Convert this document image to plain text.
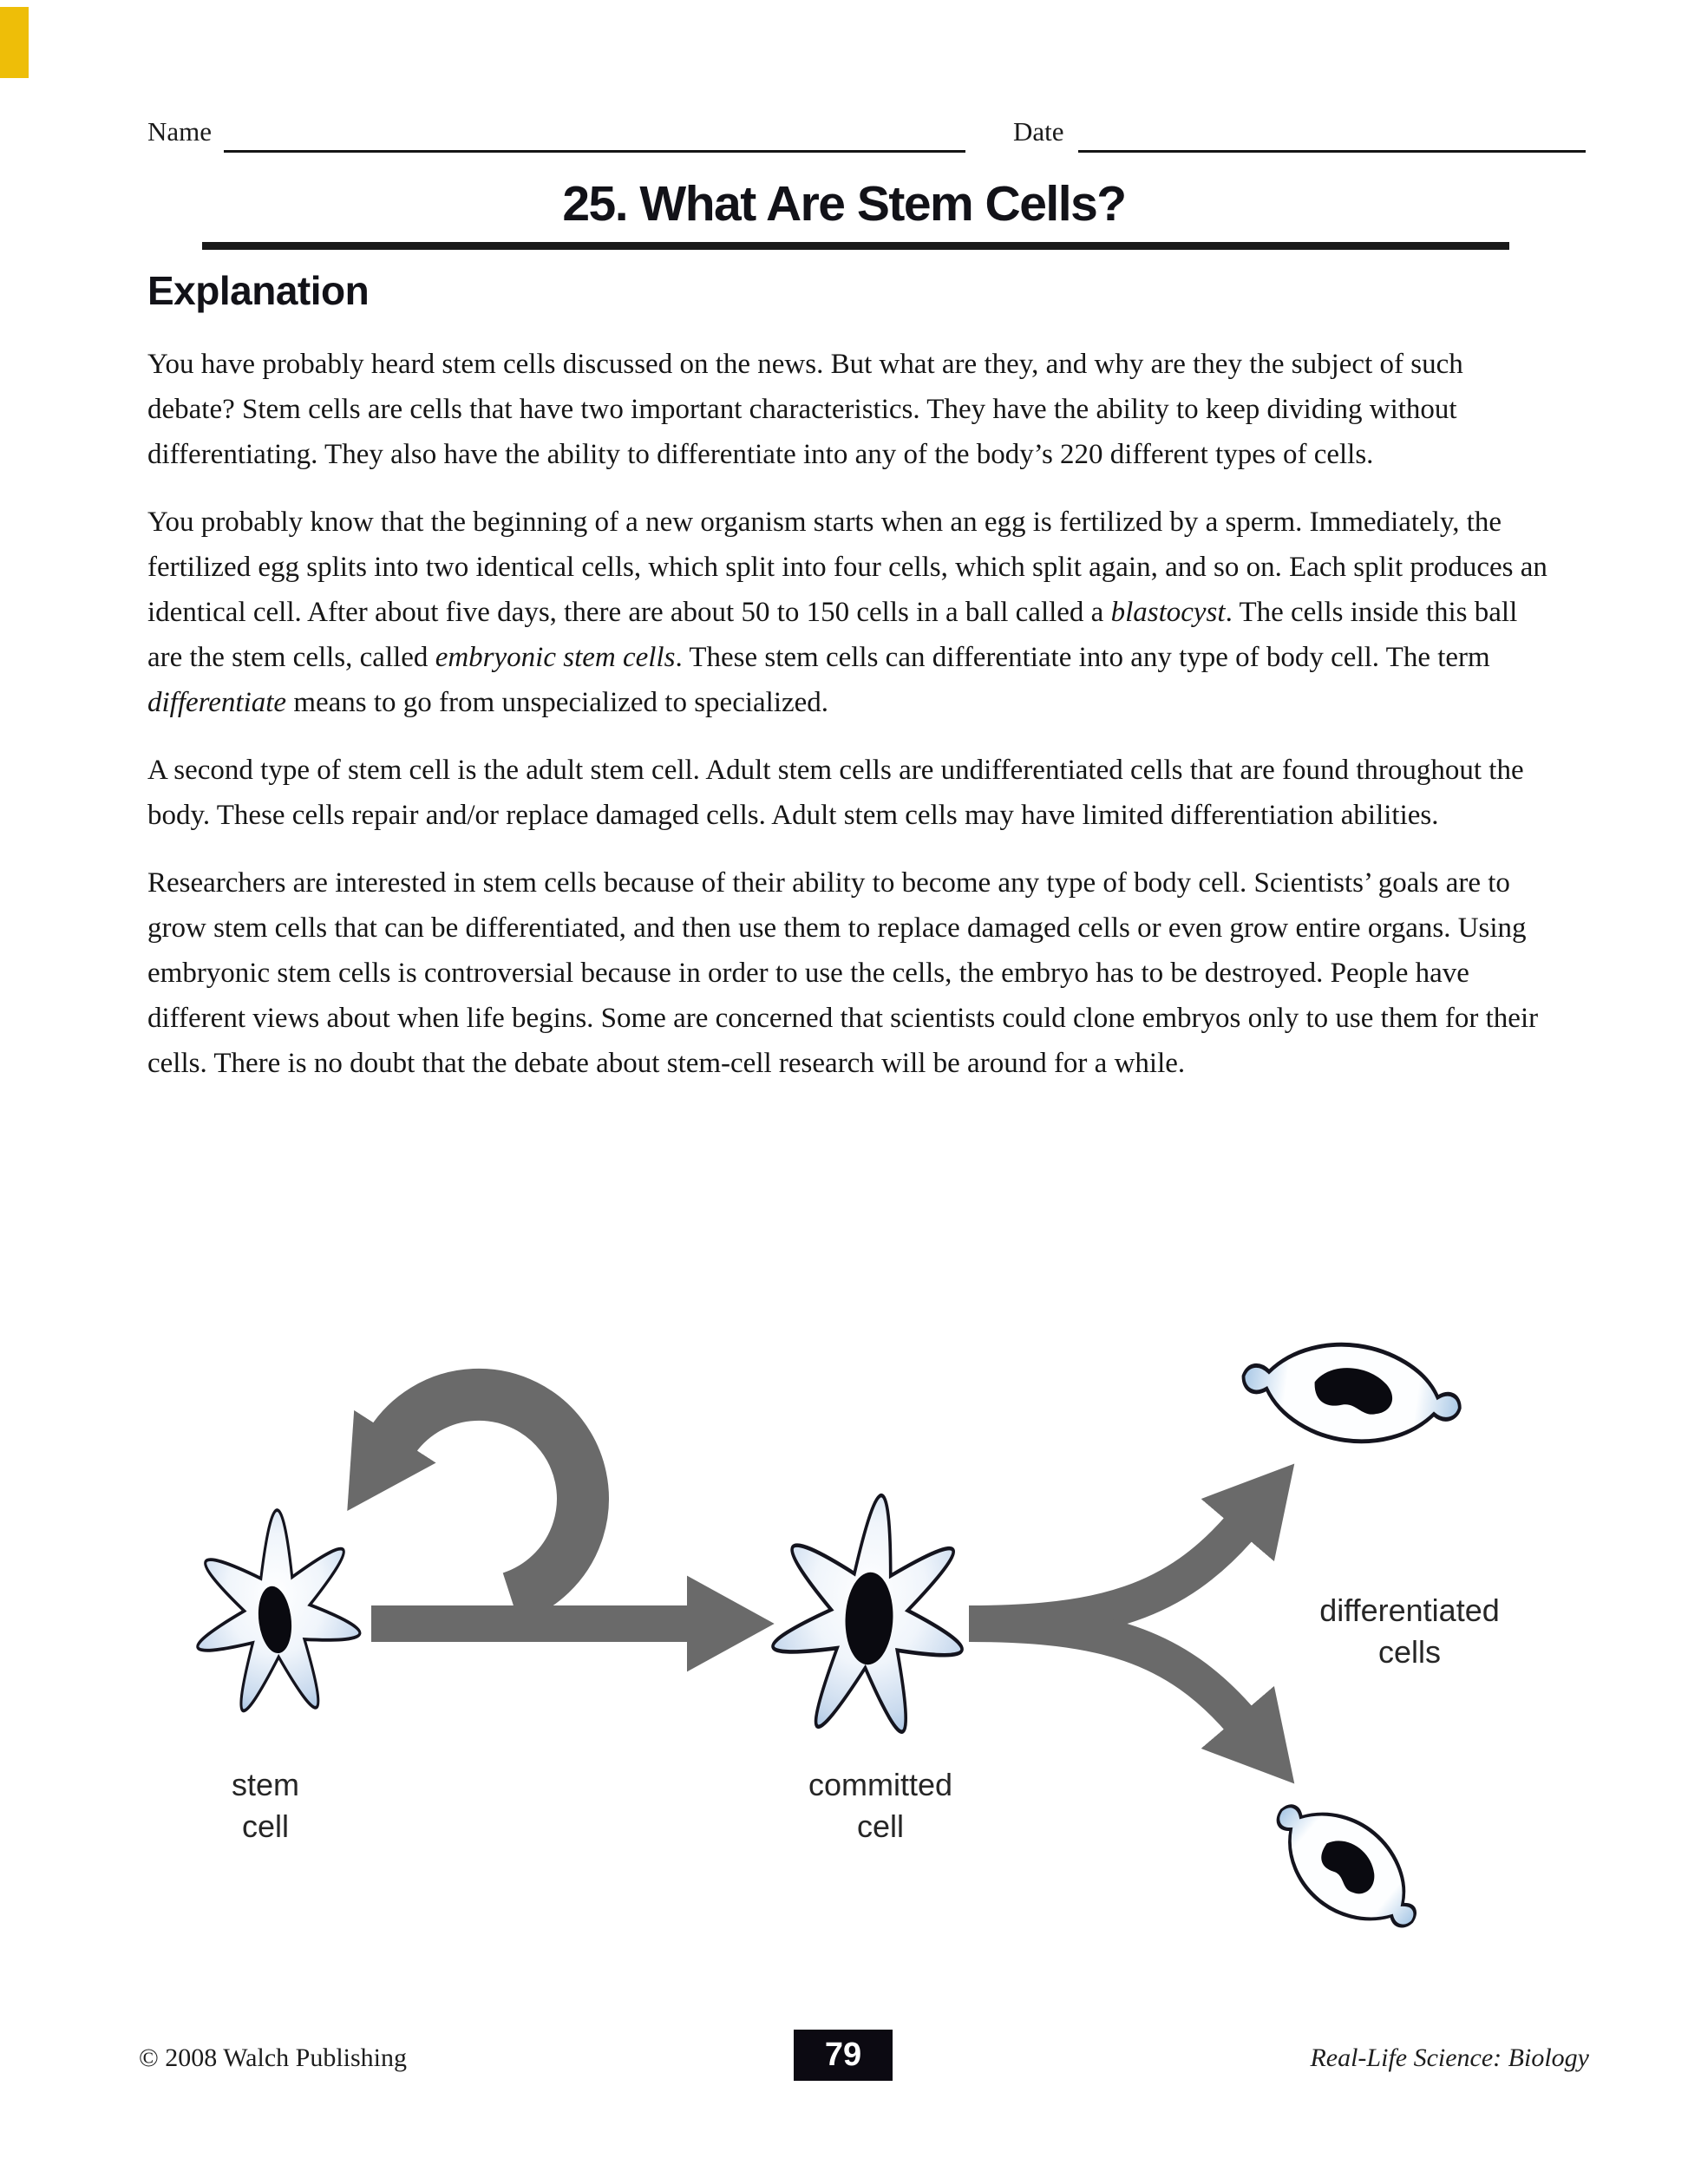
Name	Date
25. What Are Stem Cells?
Explanation

You have probably heard stem cells discussed on the news. But what are they, and why are they the subject of such debate? Stem cells are cells that have two important characteristics. They have the ability to keep dividing without differentiating. They also have the ability to differentiate into any of the body’s 220 different types of cells.

You probably know that the beginning of a new organism starts when an egg is fertilized by a sperm. Immediately, the fertilized egg splits into two identical cells, which split into four cells, which split again, and so on. Each split produces an identical cell. After about five days, there are about 50 to 150 cells in a ball called a blastocyst. The cells inside this ball are the stem cells, called embryonic stem cells. These stem cells can differentiate into any type of body cell. The term differentiate means to go from unspecialized to specialized.

A second type of stem cell is the adult stem cell. Adult stem cells are undifferentiated cells that are found throughout the body. These cells repair and/or replace damaged cells. Adult stem cells may have limited differentiation abilities.

Researchers are interested in stem cells because of their ability to become any type of body cell. Scientists’ goals are to grow stem cells that can be differentiated, and then use them to replace damaged cells or even grow entire organs. Using embryonic stem cells is controversial because in order to use the cells, the embryo has to be destroyed. People have different views about when life begins. Some are concerned that scientists could clone embryos only to use them for their cells. There is no doubt that the debate about stem-cell research will be around for a while.

stem
cell
committed
cell
differentiated
cells
© 2008 Walch Publishing	79	Real-Life Science: Biology
